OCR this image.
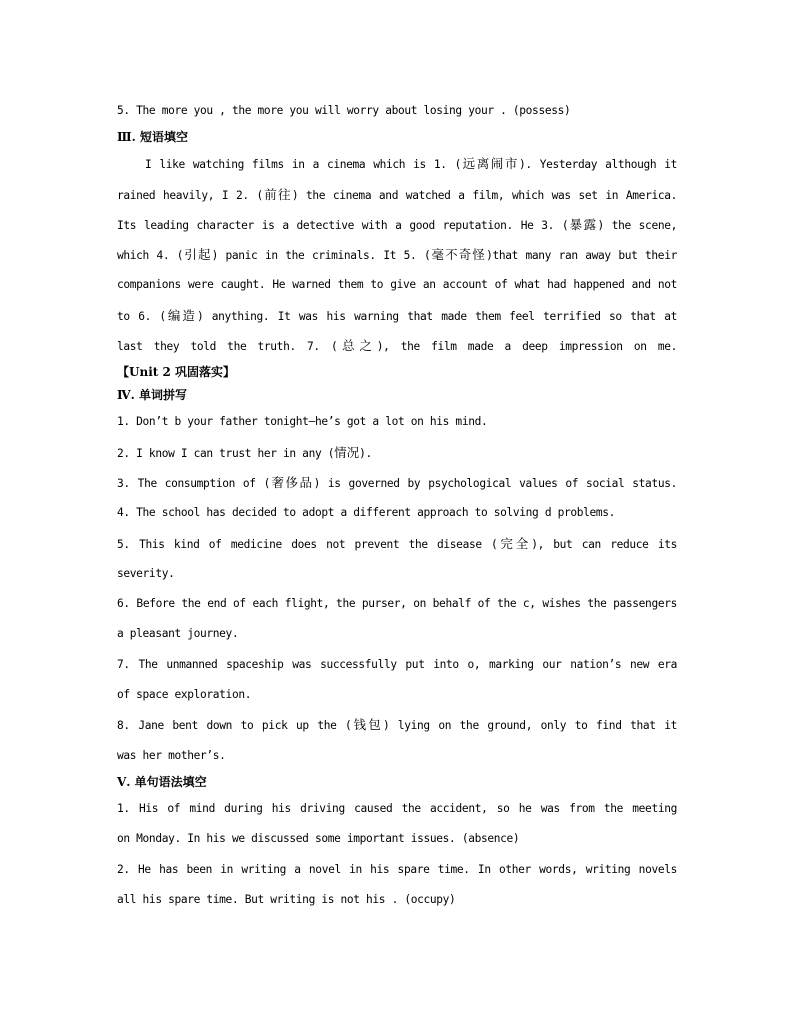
5. The more you , the more you will worry about losing your . (possess)
Ⅲ. 短语填空
I like watching films in a cinema which is 1. (远离闹市). Yesterday although it
rained heavily, I 2. (前往) the cinema and watched a film, which was set in America.
Its leading character is a detective with a good reputation. He 3. (暴露) the scene,
which 4. (引起) panic in the criminals. It 5. (毫不奇怪)that many ran away but their
companions were caught. He warned them to give an account of what had happened and not
to 6. (编造) anything. It was his warning that made them feel terrified so that at
last they told the truth. 7. (总之), the film made a deep impression on me.
【Unit 2 巩固落实】
Ⅳ. 单词拼写
1. Don’t b your father tonight—he’s got a lot on his mind.
2. I know I can trust her in any (情况).
3. The consumption of (奢侈品) is governed by psychological values of social status.
4. The school has decided to adopt a different approach to solving d problems.
5. This kind of medicine does not prevent the disease (完全), but can reduce its
severity.
6. Before the end of each flight, the purser, on behalf of the c, wishes the passengers
a pleasant journey.
7. The unmanned spaceship was successfully put into o, marking our nation’s new era
of space exploration.
8. Jane bent down to pick up the (钱包) lying on the ground, only to find that it
was her mother’s.
Ⅴ. 单句语法填空
1. His of mind during his driving caused the accident, so he was from the meeting
on Monday. In his we discussed some important issues. (absence)
2. He has been in writing a novel in his spare time. In other words, writing novels
all his spare time. But writing is not his . (occupy)
